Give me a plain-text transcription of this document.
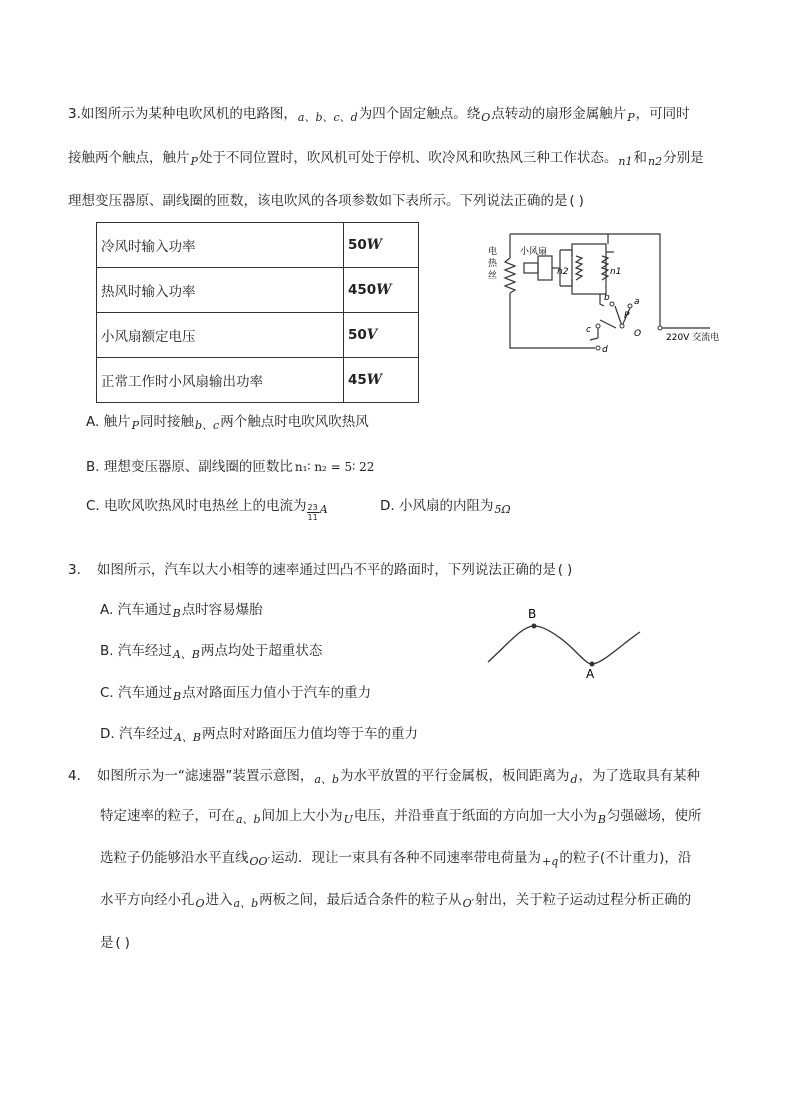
3.如图所示为某种电吹风机的电路图，$_{a、b、c、d}$为四个固定触点。绕$_O$点转动的扇形金属触片$_P$，可同时
接触两个触点，触片$_P$处于不同位置时，吹风机可处于停机、吹冷风和吹热风三种工作状态。$_{n1}$和$_{n2}$分别是
理想变压器原、副线圈的匝数，该电吹风的各项参数如下表所示。下列说法正确的是 ( )
冷风时输入功率	50W
热风时输入功率	450W
小风扇额定电压	50V
正常工作时小风扇输出功率	45W
电
热
丝
小风扇
n2	n1
a
b
c
d
P
O	220V 交流电
A. 触片$_P$同时接触$_{b、c}$两个触点时电吹风吹热风
B. 理想变压器原、副线圈的匝数比 n₁∶ n₂ = 5∶ 22
C. 电吹风吹热风时电热丝上的电流为 $\frac{23}{11} _A$	D. 小风扇的内阻为$_{5\Omega}$
3. 如图所示，汽车以大小相等的速率通过凹凸不平的路面时，下列说法正确的是 ( )
A. 汽车通过$_B$点时容易爆胎
B. 汽车经过$_{A、B}$两点均处于超重状态
C. 汽车通过$_B$点对路面压力值小于汽车的重力
D. 汽车经过$_{A、B}$两点时对路面压力值均等于车的重力
B
A
4. 如图所示为一“滤速器”装置示意图，$_{a、b}$为水平放置的平行金属板，板间距离为$_d$，为了选取具有某种
特定速率的粒子，可在$_{a、b}$间加上大小为$_U$电压，并沿垂直于纸面的方向加一大小为$_B$匀强磁场，使所
选粒子仍能够沿水平直线$_{OO'}$运动．现让一束具有各种不同速率带电荷量为$_{+q}$的粒子(不计重力)，沿
水平方向经小孔$_O$进入$_{a、b}$两板之间，最后适合条件的粒子从$_{O'}$射出，关于粒子运动过程分析正确的
是 ( )
